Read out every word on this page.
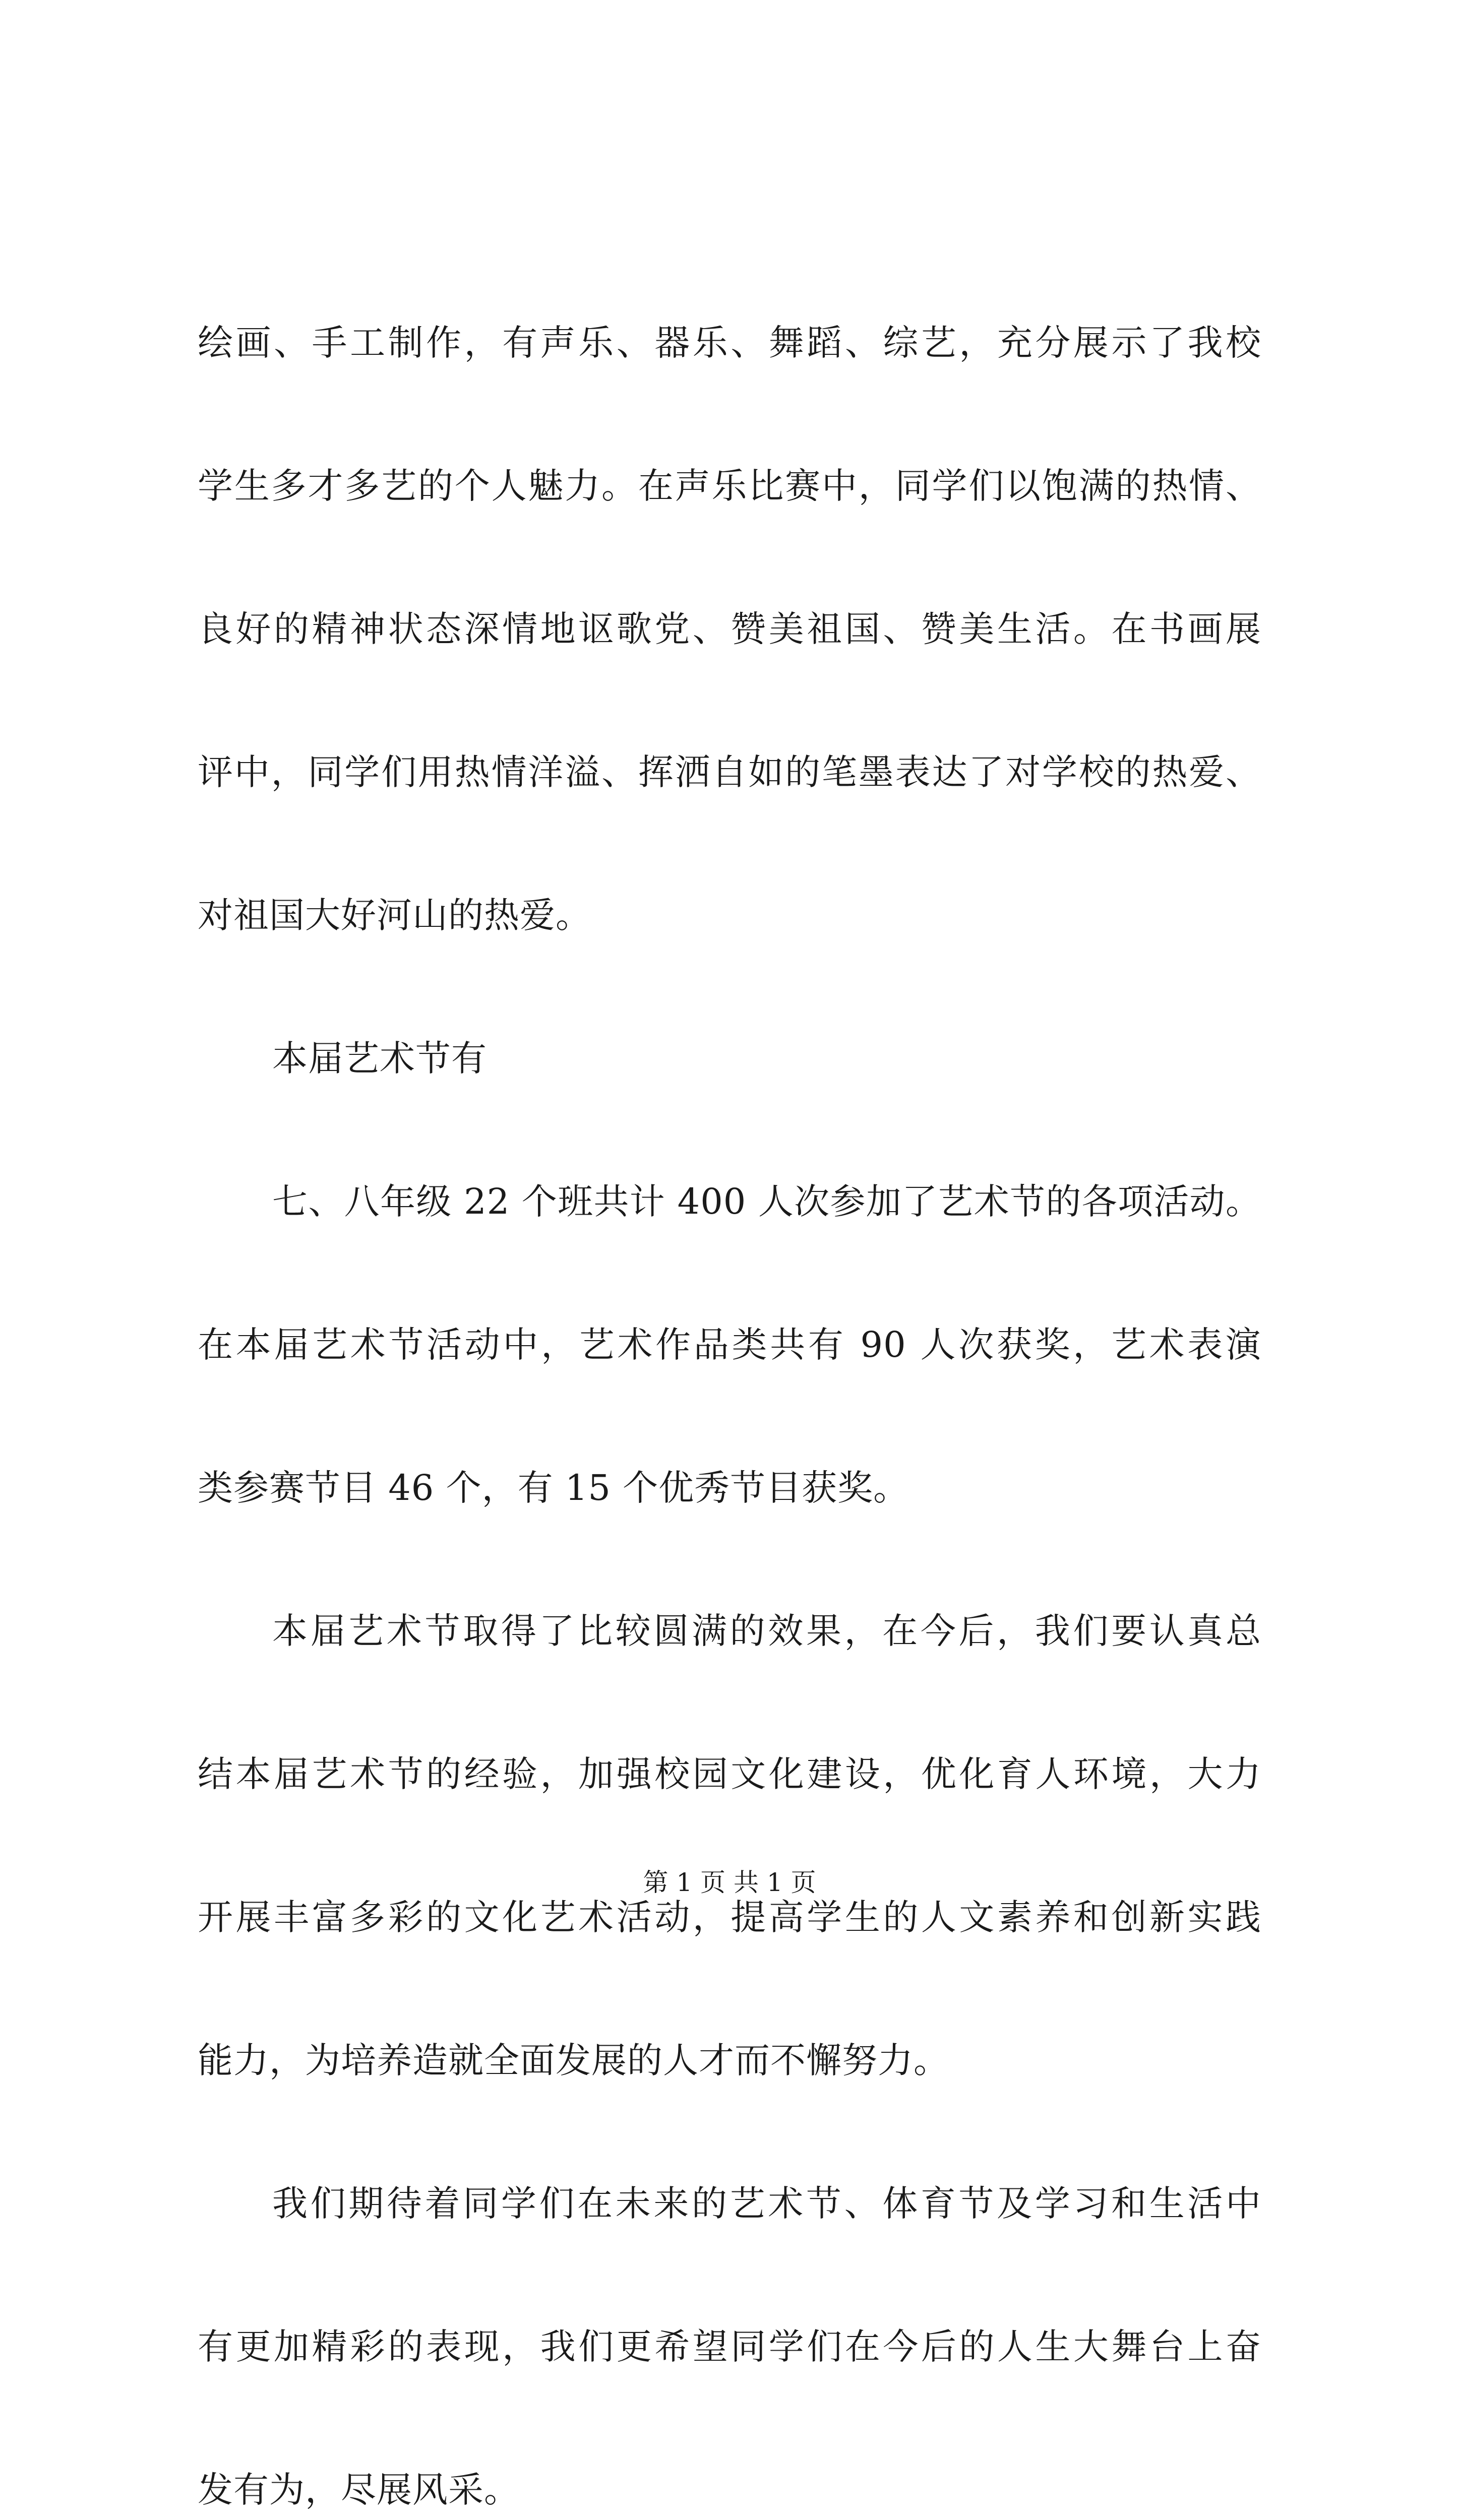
绘画、手工制作，有声乐、器乐、舞蹈、综艺，充分展示了我校
学生多才多艺的个人魅力。在声乐比赛中，同学们以饱满的热情、
良好的精神状态深情地讴歌党、赞美祖国、赞美生活。在书画展
评中，同学们用热情洋溢、挥洒自如的笔墨表达了对学校的热爱、
对祖国大好河山的热爱。
本届艺术节有
七、八年级 22 个班共计 400 人次参加了艺术节的各项活动。
在本届艺术节活动中，艺术作品类共有 90 人次获奖，艺术表演
类参赛节目 46 个，有 15 个优秀节目获奖。
本届艺术节取得了比较圆满的效果，在今后，我们要认真总
结本届艺术节的经验，加强校园文化建设，优化育人环境，大力
开展丰富多彩的文化艺术活动，提高学生的人文素养和创新实践
能力，为培养造就全面发展的人才而不懈努力。
我们期待着同学们在未来的艺术节、体育节及学习和生活中
有更加精彩的表现，我们更希望同学们在今后的人生大舞台上奋
发有为，尽展风采。
第 1 页 共 1 页
